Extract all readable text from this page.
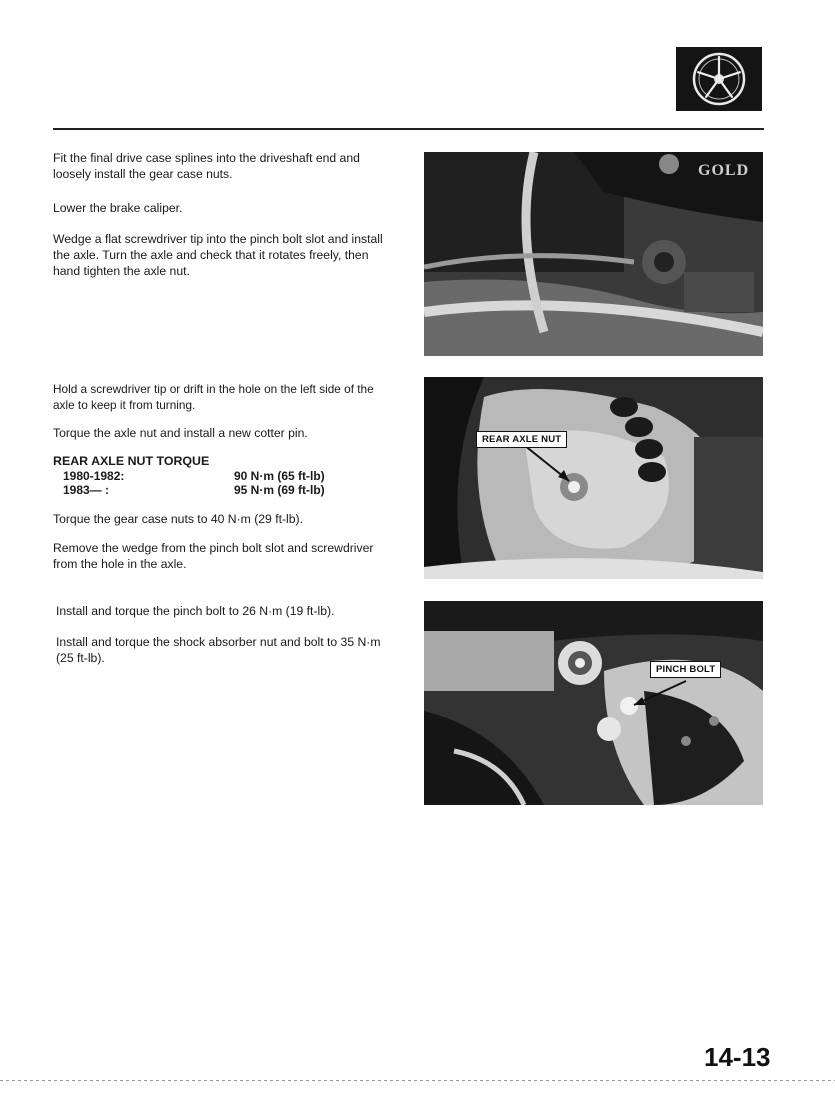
Fit the final drive case splines into the driveshaft end and loosely install the gear case nuts.

Lower the brake caliper.

Wedge a flat screwdriver tip into the pinch bolt slot and install the axle. Turn the axle and check that it rotates freely, then hand tighten the axle nut.

GOLD

Hold a screwdriver tip or drift in the hole on the left side of the axle to keep it from turning.

Torque the axle nut and install a new cotter pin.

REAR AXLE NUT TORQUE

1980-1982:	90 N·m (65 ft-lb)
1983— :	95 N·m (69 ft-lb)

Torque the gear case nuts to 40 N·m (29 ft-lb).

Remove the wedge from the pinch bolt slot and screwdriver from the hole in the axle.

REAR AXLE NUT

Install and torque the pinch bolt to 26 N·m (19 ft-lb).

Install and torque the shock absorber nut and bolt to 35 N·m (25 ft-lb).

PINCH BOLT
14-13
